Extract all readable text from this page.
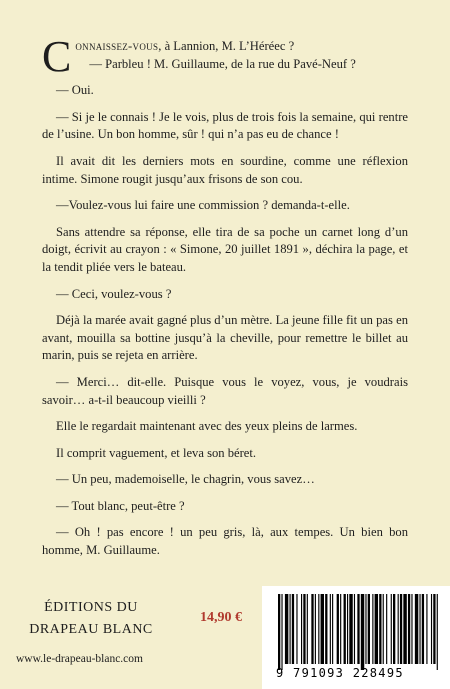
Connaissez-vous, à Lannion, M. L’Héréec ?

— Parbleu ! M. Guillaume, de la rue du Pavé-Neuf ?

— Oui.

— Si je le connais ! Je le vois, plus de trois fois la semaine, qui rentre de l’usine. Un bon homme, sûr ! qui n’a pas eu de chance !

Il avait dit les derniers mots en sourdine, comme une réflexion intime. Simone rougit jusqu’aux frisons de son cou.

—Voulez-vous lui faire une commission ? demanda-t-elle.

Sans attendre sa réponse, elle tira de sa poche un carnet long d’un doigt, écrivit au crayon : « Simone, 20 juillet 1891 », déchira la page, et la tendit pliée vers le bateau.

— Ceci, voulez-vous ?

Déjà la marée avait gagné plus d’un mètre. La jeune fille fit un pas en avant, mouilla sa bottine jusqu’à la cheville, pour remettre le billet au marin, puis se rejeta en arrière.

— Merci… dit-elle. Puisque vous le voyez, vous, je voudrais savoir… a-t-il beaucoup vieilli ?

Elle le regardait maintenant avec des yeux pleins de larmes.

Il comprit vaguement, et leva son béret.

— Un peu, mademoiselle, le chagrin, vous savez…

— Tout blanc, peut-être ?

— Oh ! pas encore ! un peu gris, là, aux tempes. Un bien bon homme, M. Guillaume.

ÉDITIONS DU
DRAPEAU BLANC
www.le-drapeau-blanc.com
14,90 €
9 791093 228495
